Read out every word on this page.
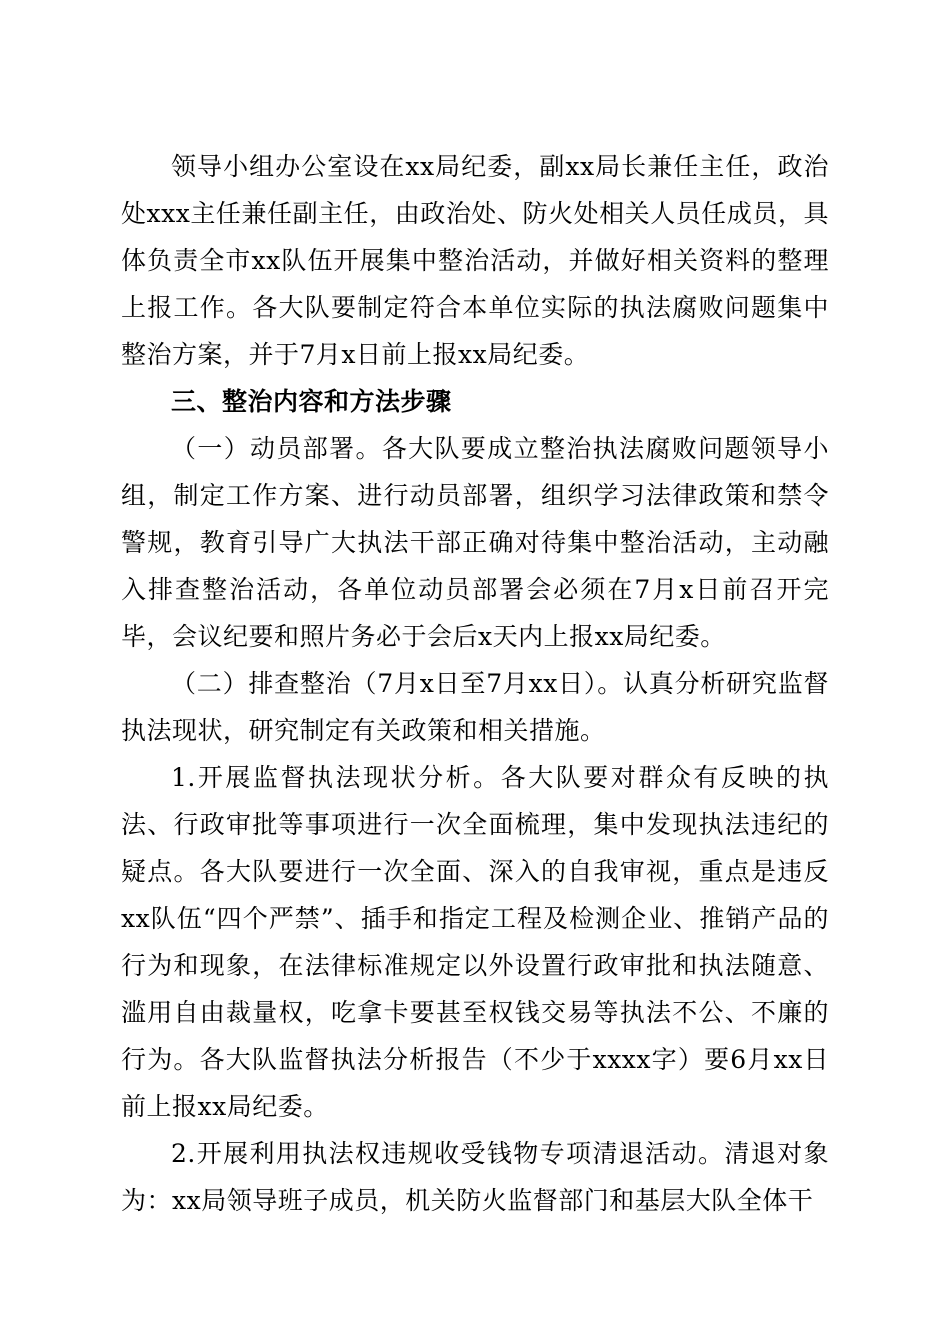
领导小组办公室设在xx局纪委，副xx局长兼任主任，政治处xxx主任兼任副主任，由政治处、防火处相关人员任成员，具体负责全市xx队伍开展集中整治活动，并做好相关资料的整理上报工作。各大队要制定符合本单位实际的执法腐败问题集中整治方案，并于7月x日前上报xx局纪委。

三、整治内容和方法步骤

（一）动员部署。各大队要成立整治执法腐败问题领导小组，制定工作方案、进行动员部署，组织学习法律政策和禁令警规，教育引导广大执法干部正确对待集中整治活动，主动融入排查整治活动，各单位动员部署会必须在7月x日前召开完毕，会议纪要和照片务必于会后x天内上报xx局纪委。

（二）排查整治（7月x日至7月xx日）。认真分析研究监督执法现状，研究制定有关政策和相关措施。

1.开展监督执法现状分析。各大队要对群众有反映的执法、行政审批等事项进行一次全面梳理，集中发现执法违纪的疑点。各大队要进行一次全面、深入的自我审视，重点是违反xx队伍“四个严禁”、插手和指定工程及检测企业、推销产品的行为和现象，在法律标准规定以外设置行政审批和执法随意、滥用自由裁量权，吃拿卡要甚至权钱交易等执法不公、不廉的行为。各大队监督执法分析报告（不少于xxxx字）要6月xx日前上报xx局纪委。

2.开展利用执法权违规收受钱物专项清退活动。清退对象为：xx局领导班子成员，机关防火监督部门和基层大队全体干
